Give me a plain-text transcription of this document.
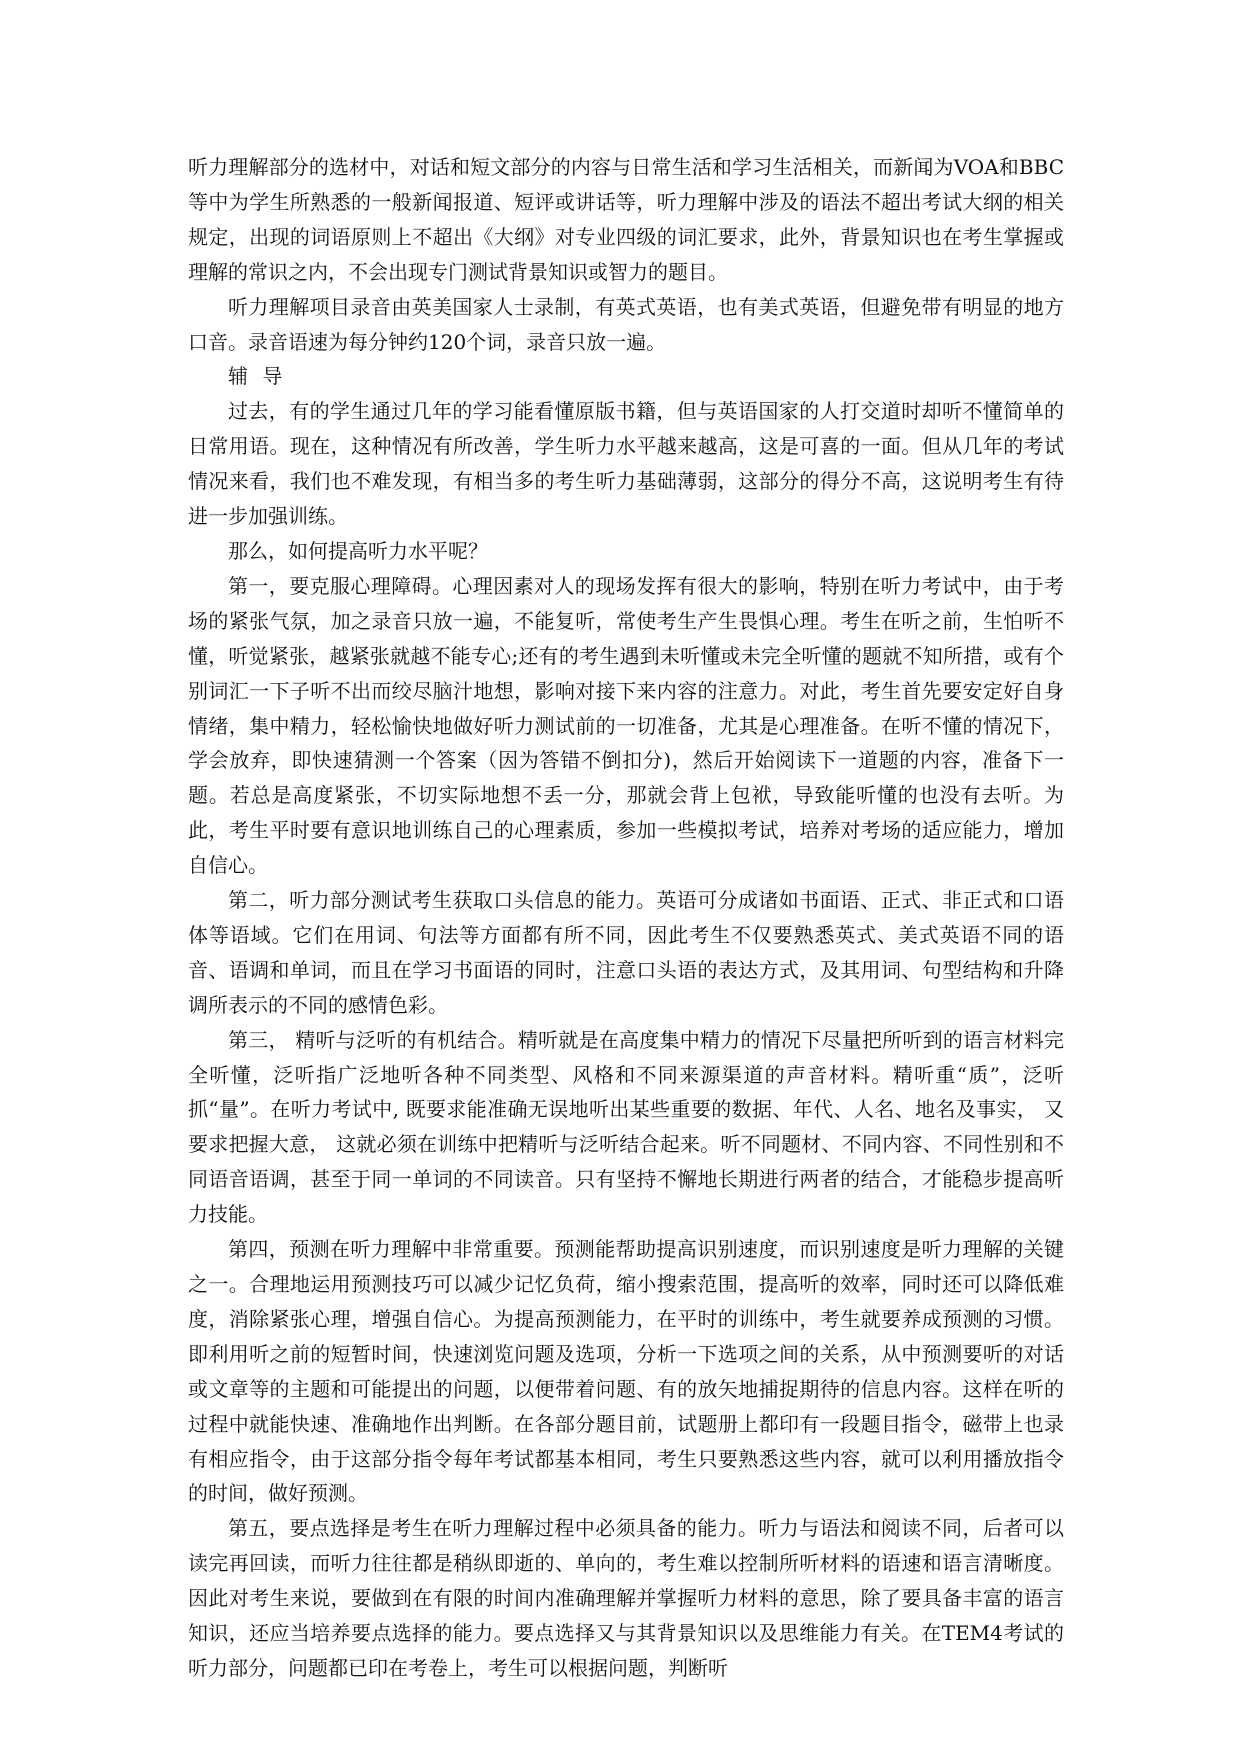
听力理解部分的选材中，对话和短文部分的内容与日常生活和学习生活相关，而新闻为VOA和BBC等中为学生所熟悉的一般新闻报道、短评或讲话等，听力理解中涉及的语法不超出考试大纲的相关规定，出现的词语原则上不超出《大纲》对专业四级的词汇要求，此外，背景知识也在考生掌握或理解的常识之内，不会出现专门测试背景知识或智力的题目。

听力理解项目录音由英美国家人士录制，有英式英语，也有美式英语，但避免带有明显的地方口音。录音语速为每分钟约120个词，录音只放一遍。

辅 导

过去，有的学生通过几年的学习能看懂原版书籍，但与英语国家的人打交道时却听不懂简单的日常用语。现在，这种情况有所改善，学生听力水平越来越高，这是可喜的一面。但从几年的考试情况来看，我们也不难发现，有相当多的考生听力基础薄弱，这部分的得分不高，这说明考生有待进一步加强训练。

那么，如何提高听力水平呢？

第一，要克服心理障碍。心理因素对人的现场发挥有很大的影响，特别在听力考试中，由于考场的紧张气氛，加之录音只放一遍，不能复听，常使考生产生畏惧心理。考生在听之前，生怕听不懂，听觉紧张，越紧张就越不能专心;还有的考生遇到未听懂或未完全听懂的题就不知所措，或有个别词汇一下子听不出而绞尽脑汁地想，影响对接下来内容的注意力。对此，考生首先要安定好自身情绪，集中精力，轻松愉快地做好听力测试前的一切准备，尤其是心理准备。在听不懂的情况下，学会放弃，即快速猜测一个答案（因为答错不倒扣分)，然后开始阅读下一道题的内容，准备下一题。若总是高度紧张，不切实际地想不丢一分，那就会背上包袱，导致能听懂的也没有去听。为此，考生平时要有意识地训练自己的心理素质，参加一些模拟考试，培养对考场的适应能力，增加自信心。

第二，听力部分测试考生获取口头信息的能力。英语可分成诸如书面语、正式、非正式和口语体等语域。它们在用词、句法等方面都有所不同，因此考生不仅要熟悉英式、美式英语不同的语音、语调和单词，而且在学习书面语的同时，注意口头语的表达方式，及其用词、句型结构和升降调所表示的不同的感情色彩。

第三， 精听与泛听的有机结合。精听就是在高度集中精力的情况下尽量把所听到的语言材料完全听懂，泛听指广泛地听各种不同类型、风格和不同来源渠道的声音材料。精听重“质”，泛听抓“量”。在听力考试中, 既要求能准确无误地听出某些重要的数据、年代、人名、地名及事实， 又要求把握大意， 这就必须在训练中把精听与泛听结合起来。听不同题材、不同内容、不同性别和不同语音语调，甚至于同一单词的不同读音。只有坚持不懈地长期进行两者的结合，才能稳步提高听力技能。

第四，预测在听力理解中非常重要。预测能帮助提高识别速度，而识别速度是听力理解的关键之一。合理地运用预测技巧可以减少记忆负荷，缩小搜索范围，提高听的效率，同时还可以降低难度，消除紧张心理，增强自信心。为提高预测能力，在平时的训练中，考生就要养成预测的习惯。即利用听之前的短暂时间，快速浏览问题及选项，分析一下选项之间的关系，从中预测要听的对话或文章等的主题和可能提出的问题，以便带着问题、有的放矢地捕捉期待的信息内容。这样在听的过程中就能快速、准确地作出判断。在各部分题目前，试题册上都印有一段题目指令，磁带上也录有相应指令，由于这部分指令每年考试都基本相同，考生只要熟悉这些内容，就可以利用播放指令的时间，做好预测。

第五，要点选择是考生在听力理解过程中必须具备的能力。听力与语法和阅读不同，后者可以读完再回读，而听力往往都是稍纵即逝的、单向的，考生难以控制所听材料的语速和语言清晰度。因此对考生来说，要做到在有限的时间内准确理解并掌握听力材料的意思，除了要具备丰富的语言知识，还应当培养要点选择的能力。要点选择又与其背景知识以及思维能力有关。在TEM4考试的听力部分，问题都已印在考卷上，考生可以根据问题，判断听
